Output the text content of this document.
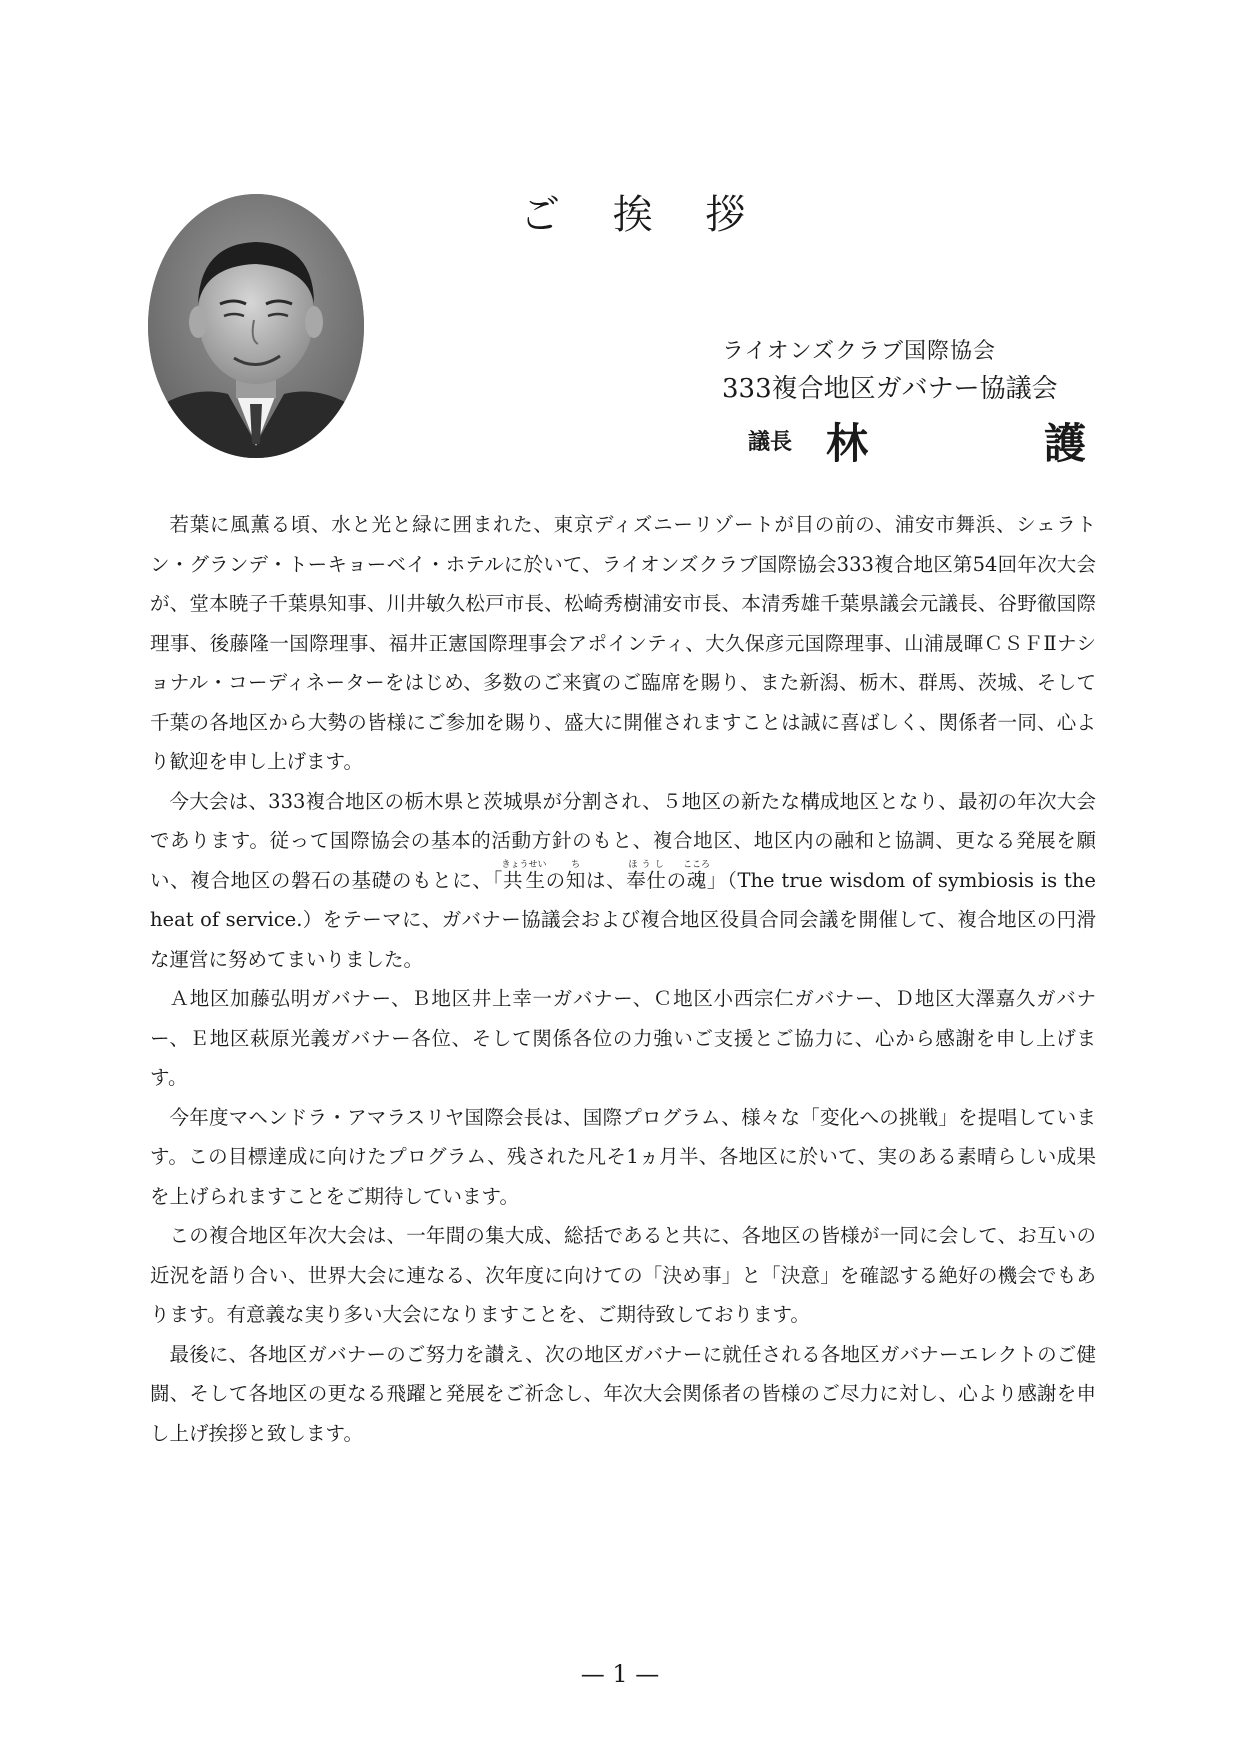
ご 挨 拶
ライオンズクラブ国際協会
333複合地区ガバナー協議会
議長 林	護

若葉に風薫る頃、水と光と緑に囲まれた、東京ディズニーリゾートが目の前の、浦安市舞浜、シェラトン・グランデ・トーキョーベイ・ホテルに於いて、ライオンズクラブ国際協会333複合地区第54回年次大会が、堂本暁子千葉県知事、川井敏久松戸市長、松崎秀樹浦安市長、本清秀雄千葉県議会元議長、谷野徹国際理事、後藤隆一国際理事、福井正憲国際理事会アポインティ、大久保彦元国際理事、山浦晟暉ＣＳＦⅡナショナル・コーディネーターをはじめ、多数のご来賓のご臨席を賜り、また新潟、栃木、群馬、茨城、そして千葉の各地区から大勢の皆様にご参加を賜り、盛大に開催されますことは誠に喜ばしく、関係者一同、心より歓迎を申し上げます。

今大会は、333複合地区の栃木県と茨城県が分割され、５地区の新たな構成地区となり、最初の年次大会であります。従って国際協会の基本的活動方針のもと、複合地区、地区内の融和と協調、更なる発展を願い、複合地区の磐石の基礎のもとに、「共生きょうせいの知ちは、奉仕ほうしの魂こころ」（The true wisdom of symbiosis is the heat of service.）をテーマに、ガバナー協議会および複合地区役員合同会議を開催して、複合地区の円滑な運営に努めてまいりました。

Ａ地区加藤弘明ガバナー、Ｂ地区井上幸一ガバナー、Ｃ地区小西宗仁ガバナー、Ｄ地区大澤嘉久ガバナー、Ｅ地区萩原光義ガバナー各位、そして関係各位の力強いご支援とご協力に、心から感謝を申し上げます。

今年度マヘンドラ・アマラスリヤ国際会長は、国際プログラム、様々な「変化への挑戦」を提唱しています。この目標達成に向けたプログラム、残された凡そ1ヵ月半、各地区に於いて、実のある素晴らしい成果を上げられますことをご期待しています。

この複合地区年次大会は、一年間の集大成、総括であると共に、各地区の皆様が一同に会して、お互いの近況を語り合い、世界大会に連なる、次年度に向けての「決め事」と「決意」を確認する絶好の機会でもあります。有意義な実り多い大会になりますことを、ご期待致しております。

最後に、各地区ガバナーのご努力を讃え、次の地区ガバナーに就任される各地区ガバナーエレクトのご健闘、そして各地区の更なる飛躍と発展をご祈念し、年次大会関係者の皆様のご尽力に対し、心より感謝を申し上げ挨拶と致します。

— 1 —
